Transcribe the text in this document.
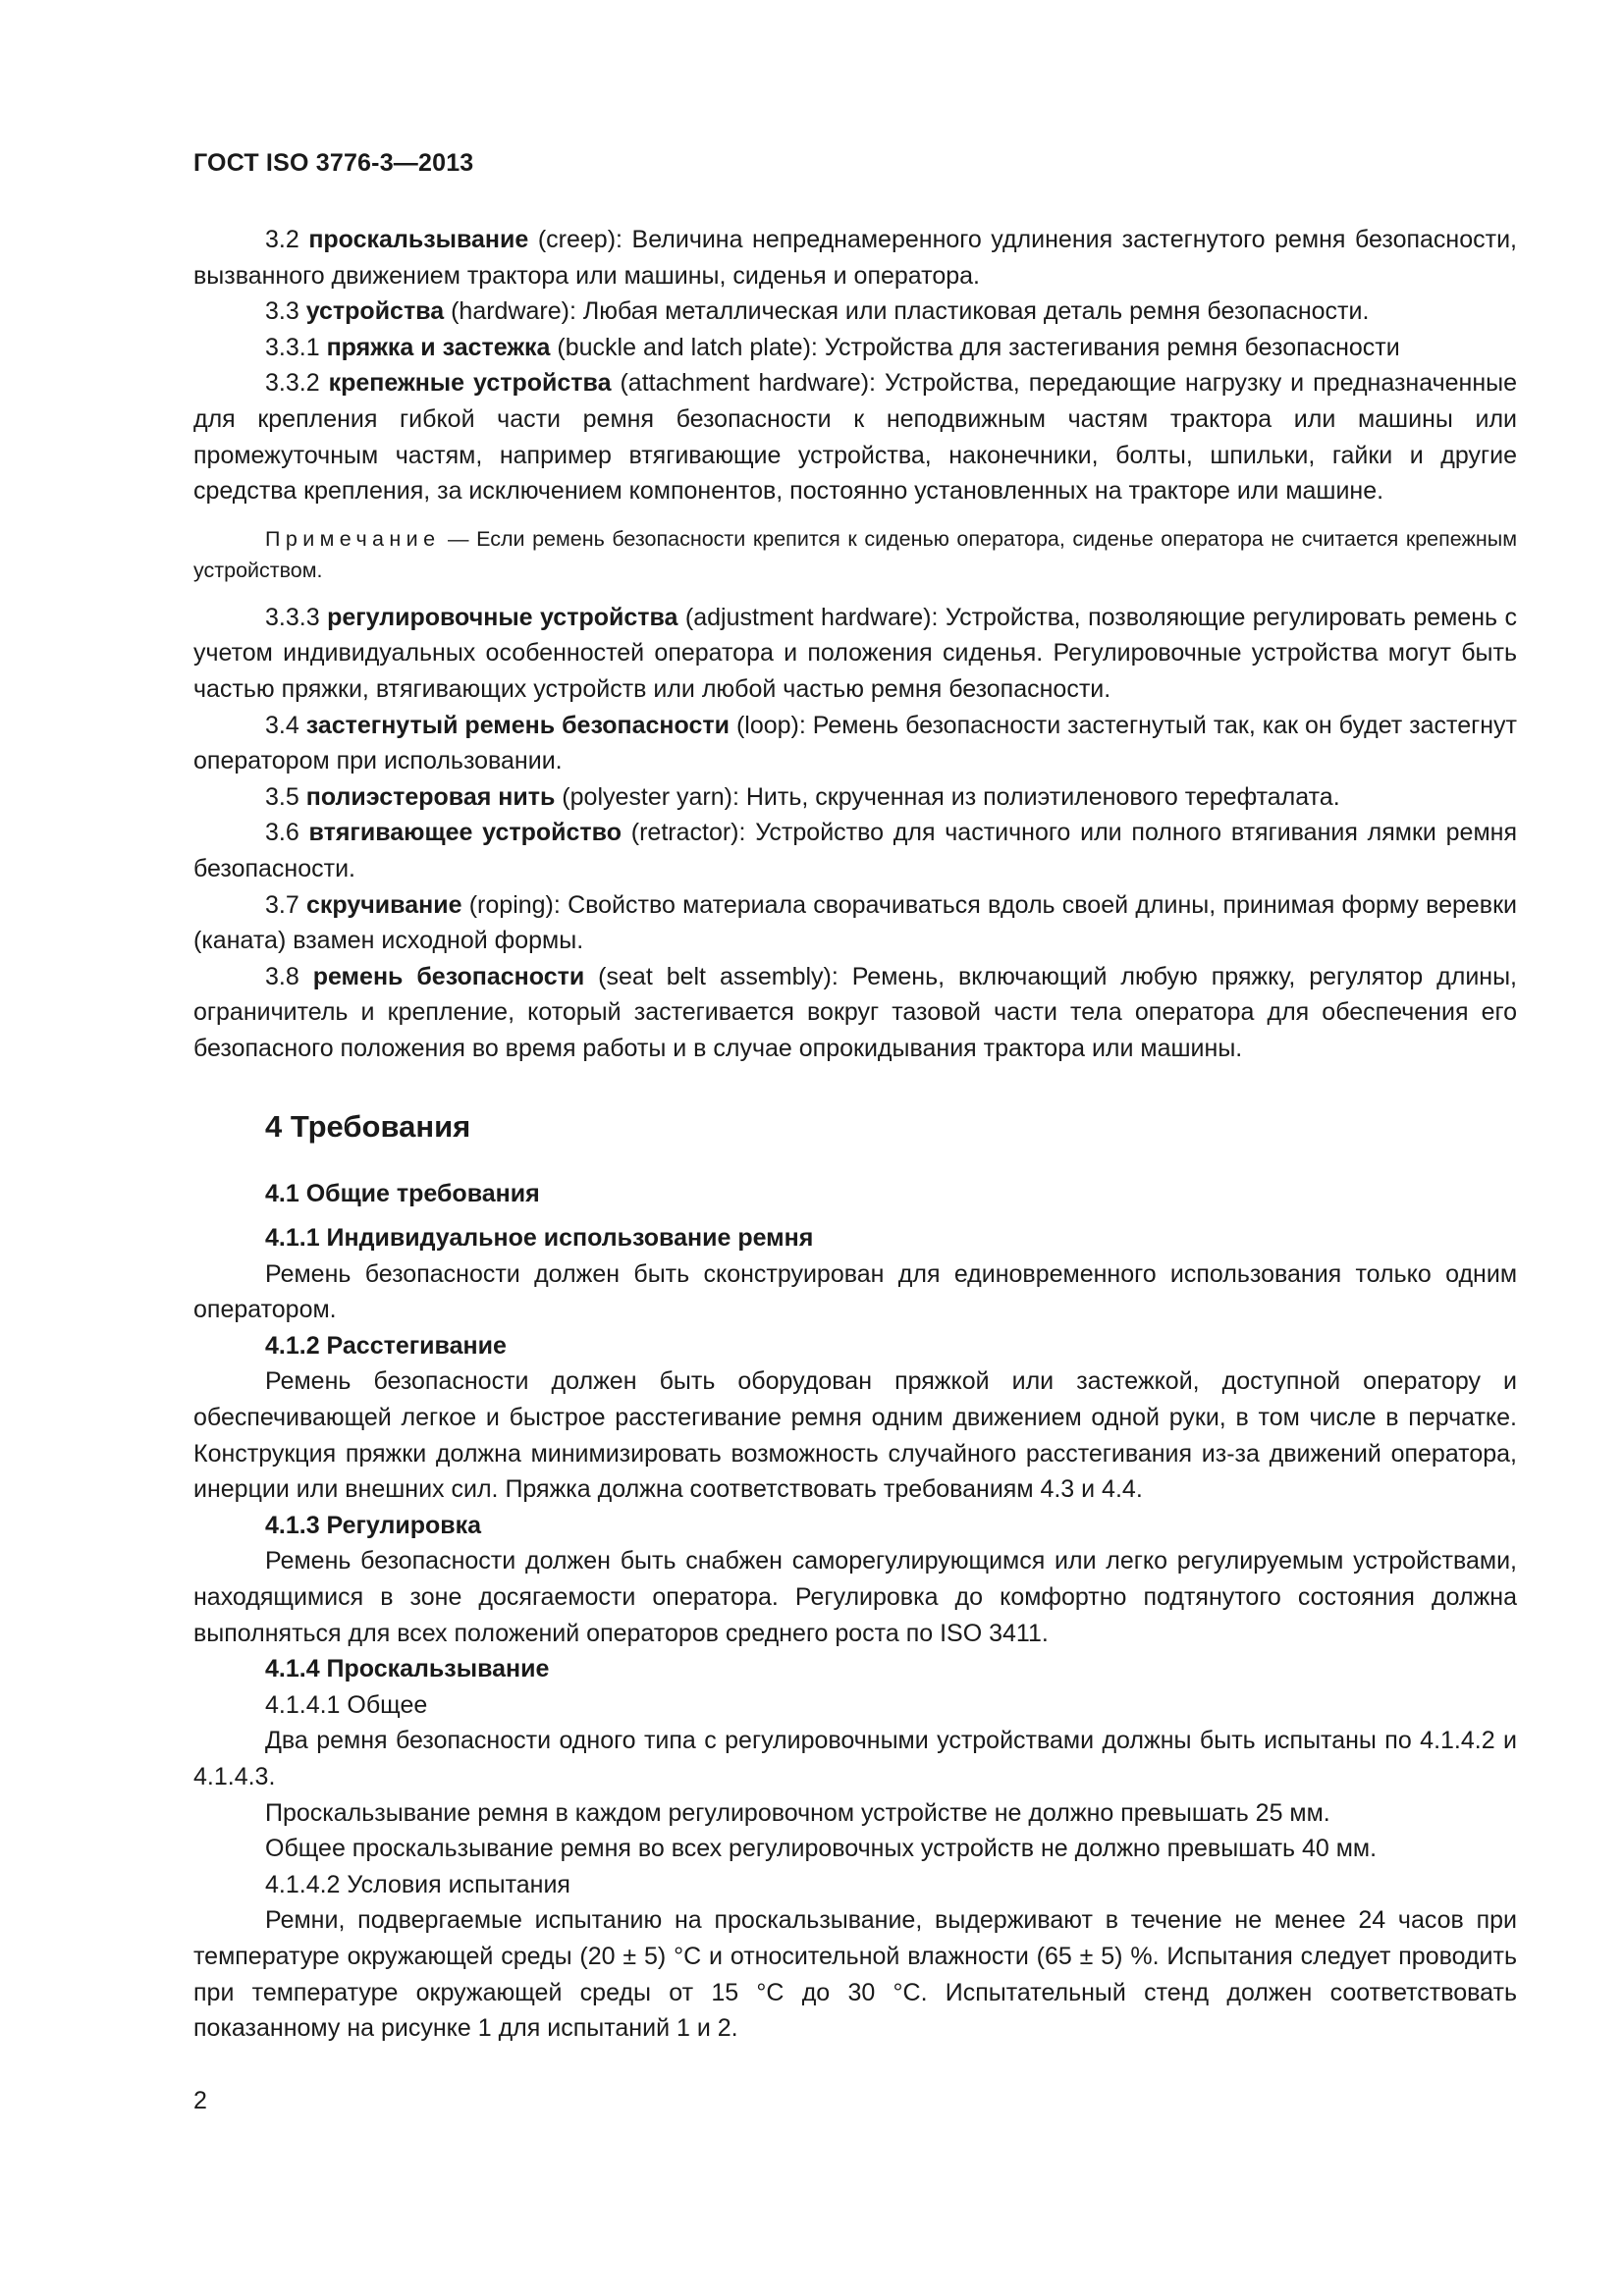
ГОСТ ISO 3776-3—2013

3.2 проскальзывание (creep): Величина непреднамеренного удлинения застегнутого ремня безопасности, вызванного движением трактора или машины, сиденья и оператора.

3.3 устройства (hardware): Любая металлическая или пластиковая деталь ремня безопасности.

3.3.1 пряжка и застежка (buckle and latch plate): Устройства для застегивания ремня безопасности

3.3.2 крепежные устройства (attachment hardware): Устройства, передающие нагрузку и предназначенные для крепления гибкой части ремня безопасности к неподвижным частям трактора или машины или промежуточным частям, например втягивающие устройства, наконечники, болты, шпильки, гайки и другие средства крепления, за исключением компонентов, постоянно установленных на тракторе или машине.

Примечание — Если ремень безопасности крепится к сиденью оператора, сиденье оператора не считается крепежным устройством.

3.3.3 регулировочные устройства (adjustment hardware): Устройства, позволяющие регулировать ремень с учетом индивидуальных особенностей оператора и положения сиденья. Регулировочные устройства могут быть частью пряжки, втягивающих устройств или любой частью ремня безопасности.

3.4 застегнутый ремень безопасности (loop): Ремень безопасности застегнутый так, как он будет застегнут оператором при использовании.

3.5 полиэстеровая нить (polyester yarn): Нить, скрученная из полиэтиленового терефталата.

3.6 втягивающее устройство (retractor): Устройство для частичного или полного втягивания лямки ремня безопасности.

3.7 скручивание (roping): Свойство материала сворачиваться вдоль своей длины, принимая форму веревки (каната) взамен исходной формы.

3.8 ремень безопасности (seat belt assembly): Ремень, включающий любую пряжку, регулятор длины, ограничитель и крепление, который застегивается вокруг тазовой части тела оператора для обеспечения его безопасного положения во время работы и в случае опрокидывания трактора или машины.

4 Требования
4.1 Общие требования
4.1.1 Индивидуальное использование ремня

Ремень безопасности должен быть сконструирован для единовременного использования только одним оператором.

4.1.2 Расстегивание

Ремень безопасности должен быть оборудован пряжкой или застежкой, доступной оператору и обеспечивающей легкое и быстрое расстегивание ремня одним движением одной руки, в том числе в перчатке. Конструкция пряжки должна минимизировать возможность случайного расстегивания из-за движений оператора, инерции или внешних сил. Пряжка должна соответствовать требованиям 4.3 и 4.4.

4.1.3 Регулировка

Ремень безопасности должен быть снабжен саморегулирующимся или легко регулируемым устройствами, находящимися в зоне досягаемости оператора. Регулировка до комфортно подтянутого состояния должна выполняться для всех положений операторов среднего роста по ISO 3411.

4.1.4 Проскальзывание
4.1.4.1 Общее

Два ремня безопасности одного типа с регулировочными устройствами должны быть испытаны по 4.1.4.2 и 4.1.4.3.

Проскальзывание ремня в каждом регулировочном устройстве не должно превышать 25 мм.

Общее проскальзывание ремня во всех регулировочных устройств не должно превышать 40 мм.

4.1.4.2 Условия испытания

Ремни, подвергаемые испытанию на проскальзывание, выдерживают в течение не менее 24 часов при температуре окружающей среды (20 ± 5) °С и относительной влажности (65 ± 5) %. Испытания следует проводить при температуре окружающей среды от 15 °С до 30 °С. Испытательный стенд должен соответствовать показанному на рисунке 1 для испытаний 1 и 2.

2
